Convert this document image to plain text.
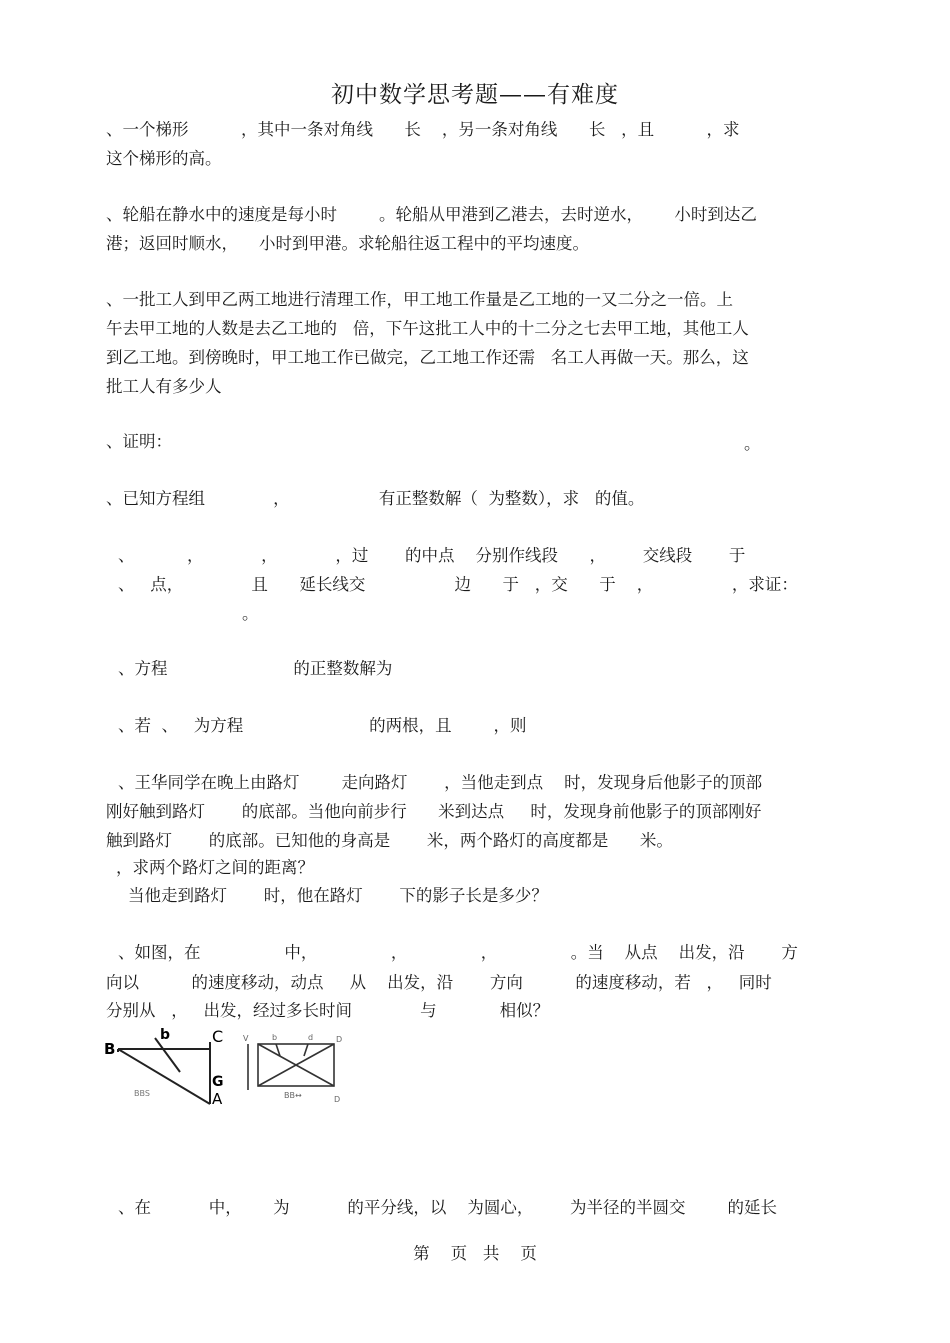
初中数学思考题——有难度
、一个梯形          ，其中一条对角线      长    ，另一条对角线      长   ，且          ，求
这个梯形的高。
、轮船在静水中的速度是每小时        。轮船从甲港到乙港去，去时逆水，      小时到达乙
港；返回时顺水，    小时到甲港。求轮船往返工程中的平均速度。
、一批工人到甲乙两工地进行清理工作，甲工地工作量是乙工地的一又二分之一倍。上
午去甲工地的人数是去乙工地的   倍，下午这批工人中的十二分之七去甲工地，其他工人
到乙工地。到傍晚时，甲工地工作已做完，乙工地工作还需   名工人再做一天。那么，这
批工人有多少人
、证明：	。
、已知方程组             ，                 有正整数解（  为整数），求   的值。
、          ，           ，           ，过       的中点    分别作线段      ，       交线段       于
、   点，             且      延长线交                 边      于   ，交      于    ，               ，求证：
。
、方程                        的正整数解为
、若  、   为方程                        的两根，且        ，则
、王华同学在晚上由路灯        走向路灯       ，当他走到点    时，发现身后他影子的顶部
刚好触到路灯       的底部。当他向前步行      米到达点     时，发现身前他影子的顶部刚好
触到路灯       的底部。已知他的身高是       米，两个路灯的高度都是      米。
，求两个路灯之间的距离？
当他走到路灯       时，他在路灯       下的影子长是多少？
、如图，在                中，              ，              ，              。当    从点    出发，沿       方
向以          的速度移动，动点     从    出发，沿       方向          的速度移动，若   ，   同时
分别从   ，   出发，经过多长时间             与            相似？
B
b	C
G
A
BBS
V	b	d	D
BB↔	D
、在           中，      为           的平分线，以    为圆心，       为半径的半圆交        的延长
第    页   共    页
